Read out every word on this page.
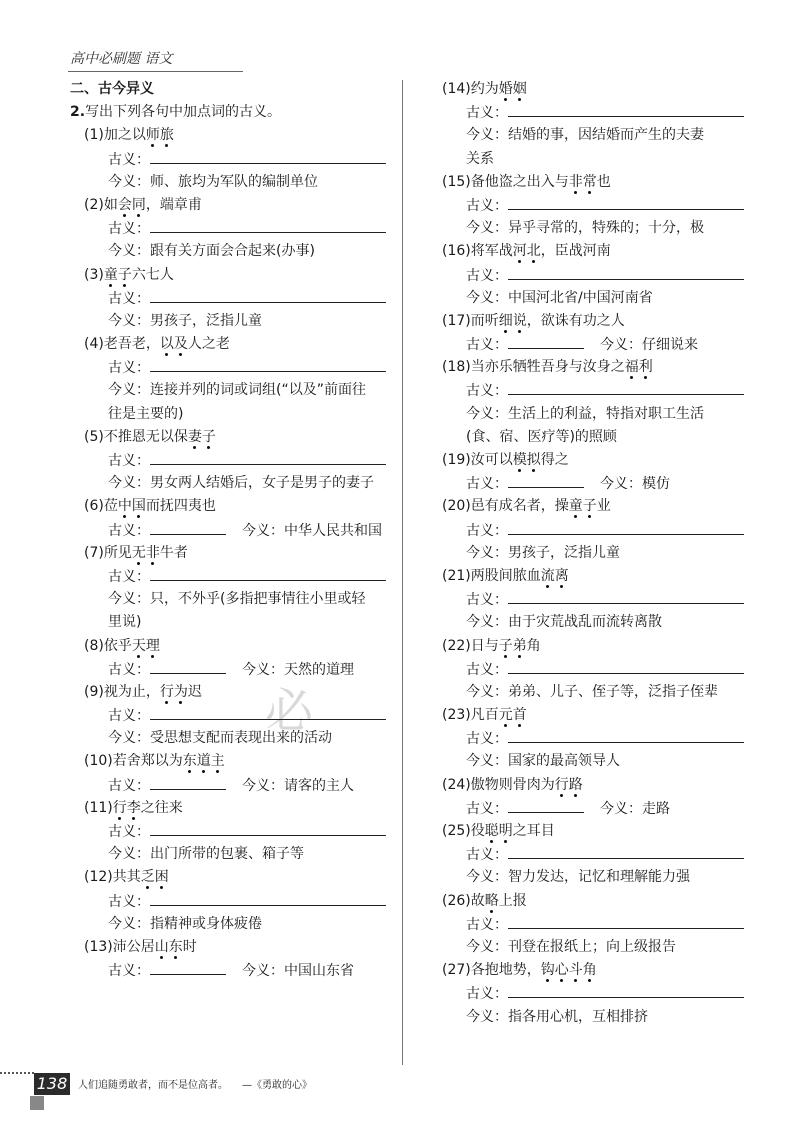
高中必刷题 语文
必
二、古今异义
2.写出下列各句中加点词的古义。
(1)加之以师旅
古义：
今义：师、旅均为军队的编制单位
(2)如会同，端章甫
古义：
今义：跟有关方面会合起来(办事)
(3)童子六七人
古义：
今义：男孩子，泛指儿童
(4)老吾老，以及人之老
古义：
今义：连接并列的词或词组(“以及”前面往
往是主要的)
(5)不推恩无以保妻子
古义：
今义：男女两人结婚后，女子是男子的妻子
(6)莅中国而抚四夷也
古义：	今义：中华人民共和国
(7)所见无非牛者
古义：
今义：只，不外乎(多指把事情往小里或轻
里说)
(8)依乎天理
古义：	今义：天然的道理
(9)视为止，行为迟
古义：
今义：受思想支配而表现出来的活动
(10)若舍郑以为东道主
古义：	今义：请客的主人
(11)行李之往来
古义：
今义：出门所带的包裹、箱子等
(12)共其乏困
古义：
今义：指精神或身体疲倦
(13)沛公居山东时
古义：	今义：中国山东省
(14)约为婚姻
古义：
今义：结婚的事，因结婚而产生的夫妻
关系
(15)备他盗之出入与非常也
古义：
今义：异乎寻常的，特殊的；十分，极
(16)将军战河北，臣战河南
古义：
今义：中国河北省/中国河南省
(17)而听细说，欲诛有功之人
古义：	今义：仔细说来
(18)当亦乐牺牲吾身与汝身之福利
古义：
今义：生活上的利益，特指对职工生活
(食、宿、医疗等)的照顾
(19)汝可以模拟得之
古义：	今义：模仿
(20)邑有成名者，操童子业
古义：
今义：男孩子，泛指儿童
(21)两股间脓血流离
古义：
今义：由于灾荒战乱而流转离散
(22)日与子弟角
古义：
今义：弟弟、儿子、侄子等，泛指子侄辈
(23)凡百元首
古义：
今义：国家的最高领导人
(24)傲物则骨肉为行路
古义：	今义：走路
(25)役聪明之耳目
古义：
今义：智力发达，记忆和理解能力强
(26)故略上报
古义：
今义：刊登在报纸上；向上级报告
(27)各抱地势，钩心斗角
古义：
今义：指各用心机，互相排挤
138 人们追随勇敢者，而不是位高者。 —《勇敢的心》
